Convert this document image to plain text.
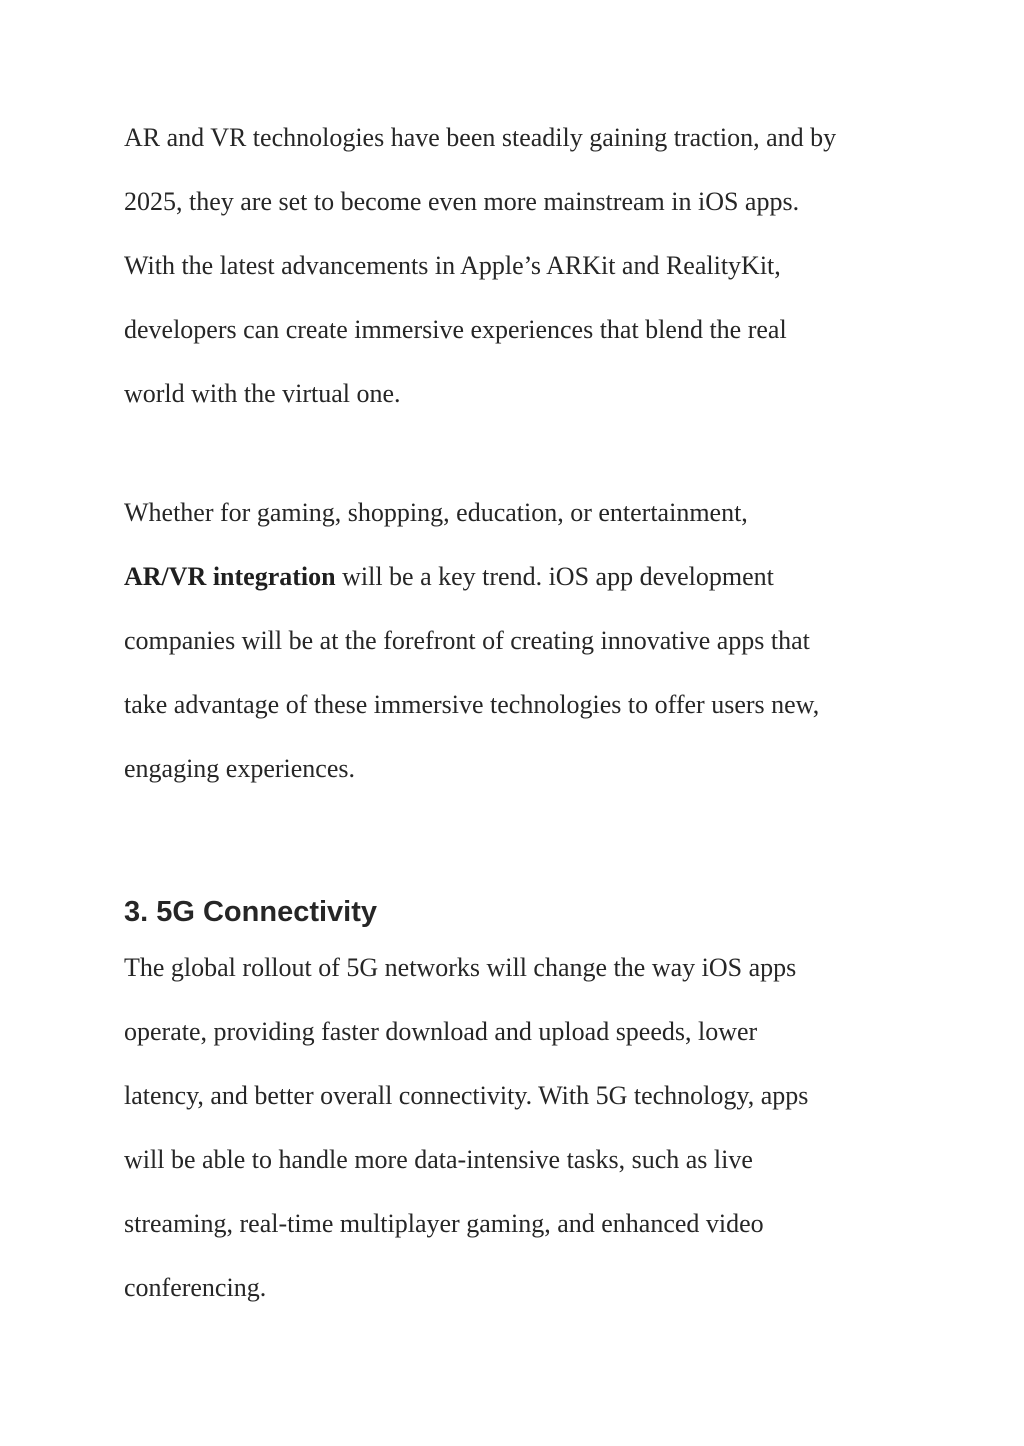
AR and VR technologies have been steadily gaining traction, and by
2025, they are set to become even more mainstream in iOS apps.
With the latest advancements in Apple’s ARKit and RealityKit,
developers can create immersive experiences that blend the real
world with the virtual one.

Whether for gaming, shopping, education, or entertainment,
AR/VR integration will be a key trend. iOS app development
companies will be at the forefront of creating innovative apps that
take advantage of these immersive technologies to offer users new,
engaging experiences.

3. 5G Connectivity

The global rollout of 5G networks will change the way iOS apps
operate, providing faster download and upload speeds, lower
latency, and better overall connectivity. With 5G technology, apps
will be able to handle more data-intensive tasks, such as live
streaming, real-time multiplayer gaming, and enhanced video
conferencing.
